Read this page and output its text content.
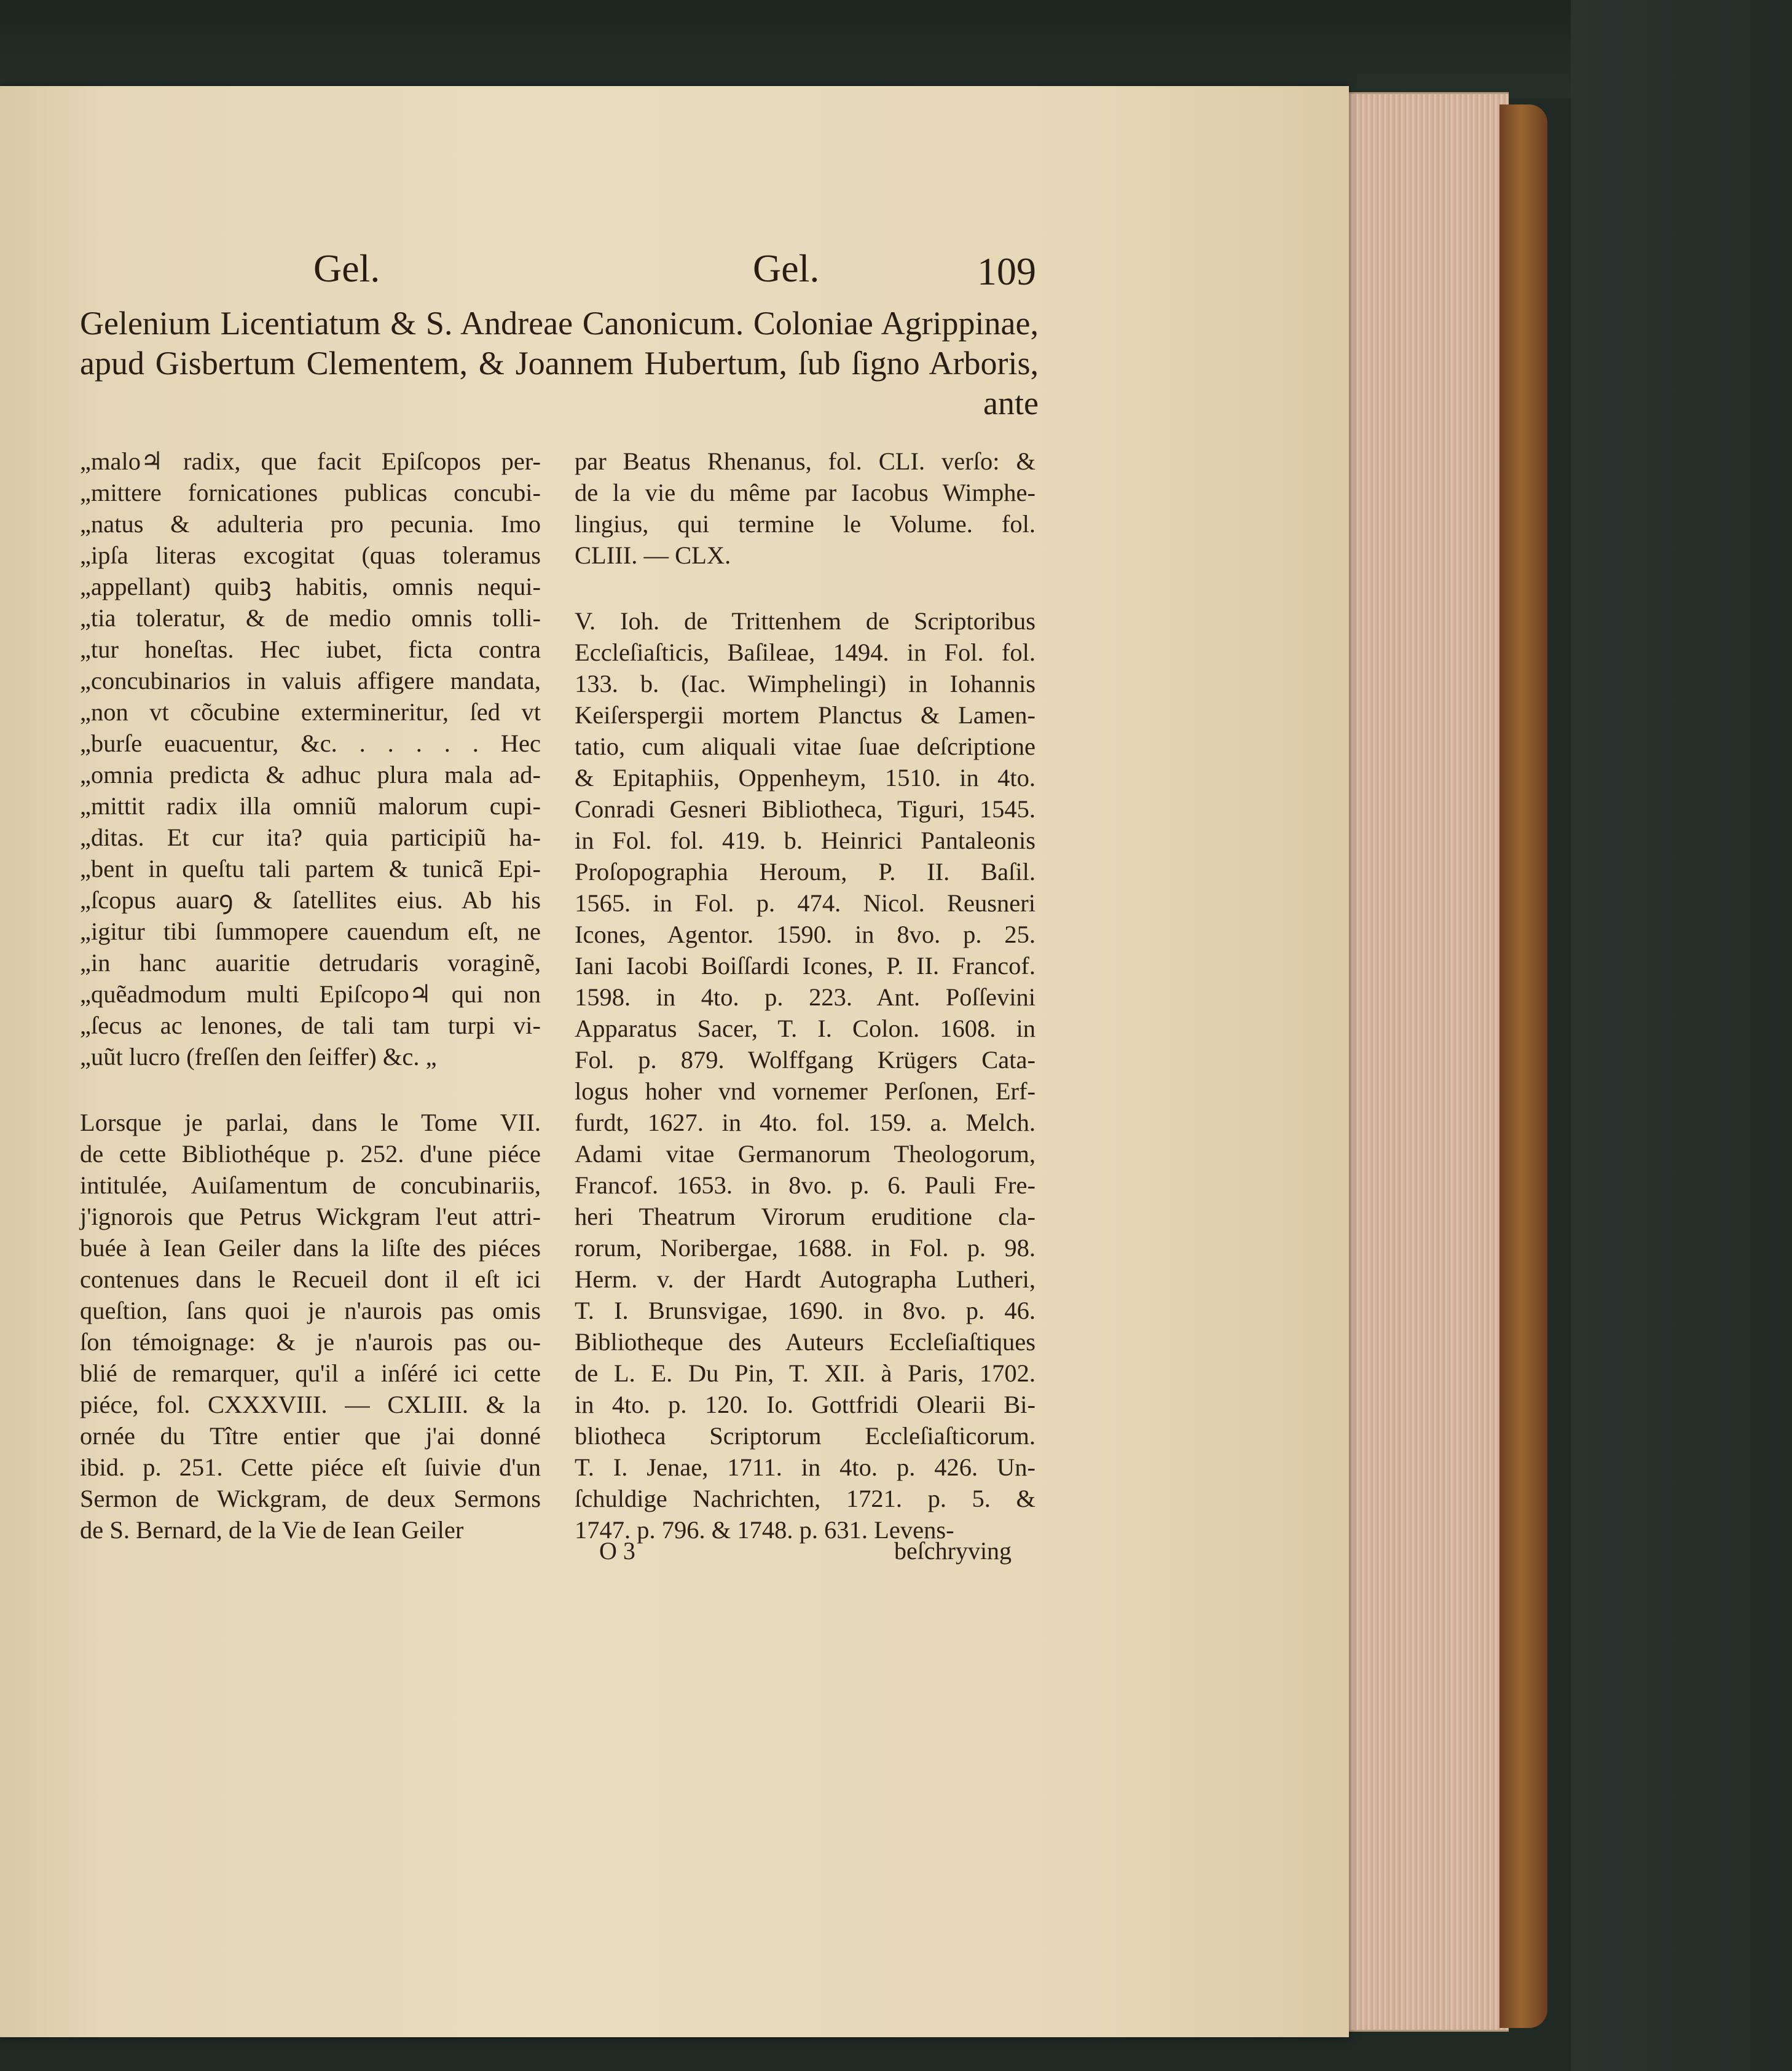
Gel.	Gel.	109
Gelenium Licentiatum & S. Andreae Canonicum. Coloniae Agrippinae,
apud Gisbertum Clementem, & Joannem Hubertum, ſub ſigno Arboris,
ante
„malo♃ radix, que facit Epiſcopos per-
„mittere fornicationes publicas concubi-
„natus & adulteria pro pecunia. Imo
„ipſa literas excogitat (quas toleramus
„appellant) quibꝫ habitis, omnis nequi-
„tia toleratur, & de medio omnis tolli-
„tur honeſtas. Hec iubet, ficta contra
„concubinarios in valuis affigere mandata,
„non vt cõcubine extermineritur, ſed vt
„burſe euacuentur, &c. . . . . . Hec
„omnia predicta & adhuc plura mala ad-
„mittit radix illa omniũ malorum cupi-
„ditas. Et cur ita? quia participiũ ha-
„bent in queſtu tali partem & tunicã Epi-
„ſcopus auarꝯ & ſatellites eius. Ab his
„igitur tibi ſummopere cauendum eſt, ne
„in hanc auaritie detrudaris voraginẽ,
„quẽadmodum multi Epiſcopo♃ qui non
„ſecus ac lenones, de tali tam turpi vi-
„uũt lucro (freſſen den ſeiffer) &c. „
Lorsque je parlai, dans le Tome VII.
de cette Bibliothéque p. 252. d'une piéce
intitulée, Auiſamentum de concubinariis,
j'ignorois que Petrus Wickgram l'eut attri-
buée à Iean Geiler dans la liſte des piéces
contenues dans le Recueil dont il eſt ici
queſtion, ſans quoi je n'aurois pas omis
ſon témoignage: & je n'aurois pas ou-
blié de remarquer, qu'il a inſéré ici cette
piéce, fol. CXXXVIII. — CXLIII. & la
ornée du Tître entier que j'ai donné
ibid. p. 251. Cette piéce eſt ſuivie d'un
Sermon de Wickgram, de deux Sermons
de S. Bernard, de la Vie de Iean Geiler
par Beatus Rhenanus, fol. CLI. verſo: &
de la vie du même par Iacobus Wimphe-
lingius, qui termine le Volume. fol.
CLIII. — CLX.
V. Ioh. de Trittenhem de Scriptoribus
Eccleſiaſticis, Baſileae, 1494. in Fol. fol.
133. b. (Iac. Wimphelingi) in Iohannis
Keiſerspergii mortem Planctus & Lamen-
tatio, cum aliquali vitae ſuae deſcriptione
& Epitaphiis, Oppenheym, 1510. in 4to.
Conradi Gesneri Bibliotheca, Tiguri, 1545.
in Fol. fol. 419. b. Heinrici Pantaleonis
Proſopographia Heroum, P. II. Baſil.
1565. in Fol. p. 474. Nicol. Reusneri
Icones, Agentor. 1590. in 8vo. p. 25.
Iani Iacobi Boiſſardi Icones, P. II. Francof.
1598. in 4to. p. 223. Ant. Poſſevini
Apparatus Sacer, T. I. Colon. 1608. in
Fol. p. 879. Wolffgang Krügers Cata-
logus hoher vnd vornemer Perſonen, Erf-
furdt, 1627. in 4to. fol. 159. a. Melch.
Adami vitae Germanorum Theologorum,
Francof. 1653. in 8vo. p. 6. Pauli Fre-
heri Theatrum Virorum eruditione cla-
rorum, Noribergae, 1688. in Fol. p. 98.
Herm. v. der Hardt Autographa Lutheri,
T. I. Brunsvigae, 1690. in 8vo. p. 46.
Bibliotheque des Auteurs Eccleſiaſtiques
de L. E. Du Pin, T. XII. à Paris, 1702.
in 4to. p. 120. Io. Gottfridi Olearii Bi-
bliotheca Scriptorum Eccleſiaſticorum.
T. I. Jenae, 1711. in 4to. p. 426. Un-
ſchuldige Nachrichten, 1721. p. 5. &
1747. p. 796. & 1748. p. 631. Levens-
O 3	beſchryving
